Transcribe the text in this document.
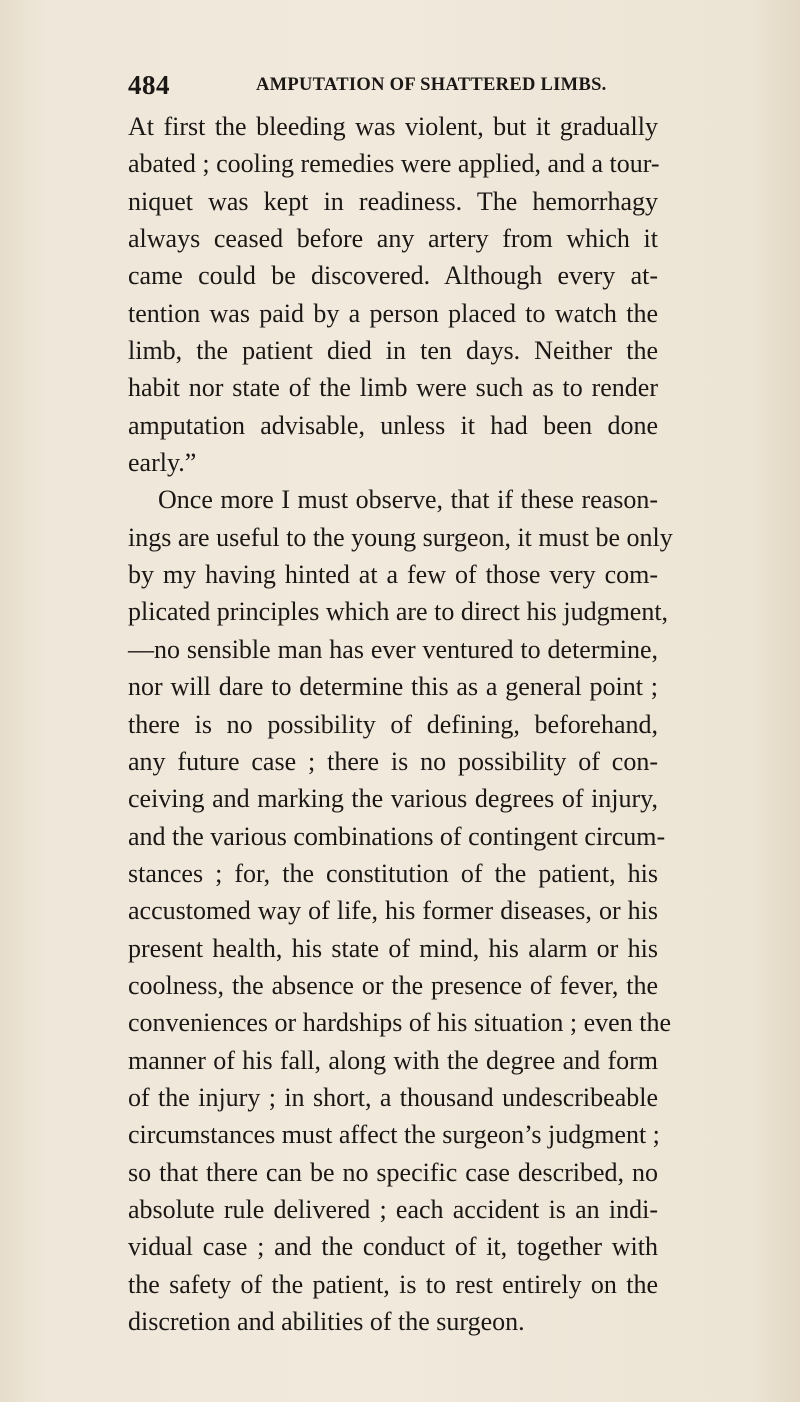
484	AMPUTATION OF SHATTERED LIMBS.
At first the bleeding was violent, but it gradually
abated ; cooling remedies were applied, and a tour-
niquet was kept in readiness. The hemorrhagy
always ceased before any artery from which it
came could be discovered. Although every at-
tention was paid by a person placed to watch the
limb, the patient died in ten days. Neither the
habit nor state of the limb were such as to render
amputation advisable, unless it had been done
early.”
Once more I must observe, that if these reason-
ings are useful to the young surgeon, it must be only
by my having hinted at a few of those very com-
plicated principles which are to direct his judgment,
—no sensible man has ever ventured to determine,
nor will dare to determine this as a general point ;
there is no possibility of defining, beforehand,
any future case ; there is no possibility of con-
ceiving and marking the various degrees of injury,
and the various combinations of contingent circum-
stances ; for, the constitution of the patient, his
accustomed way of life, his former diseases, or his
present health, his state of mind, his alarm or his
coolness, the absence or the presence of fever, the
conveniences or hardships of his situation ; even the
manner of his fall, along with the degree and form
of the injury ; in short, a thousand undescribeable
circumstances must affect the surgeon’s judgment ;
so that there can be no specific case described, no
absolute rule delivered ; each accident is an indi-
vidual case ; and the conduct of it, together with
the safety of the patient, is to rest entirely on the
discretion and abilities of the surgeon.
